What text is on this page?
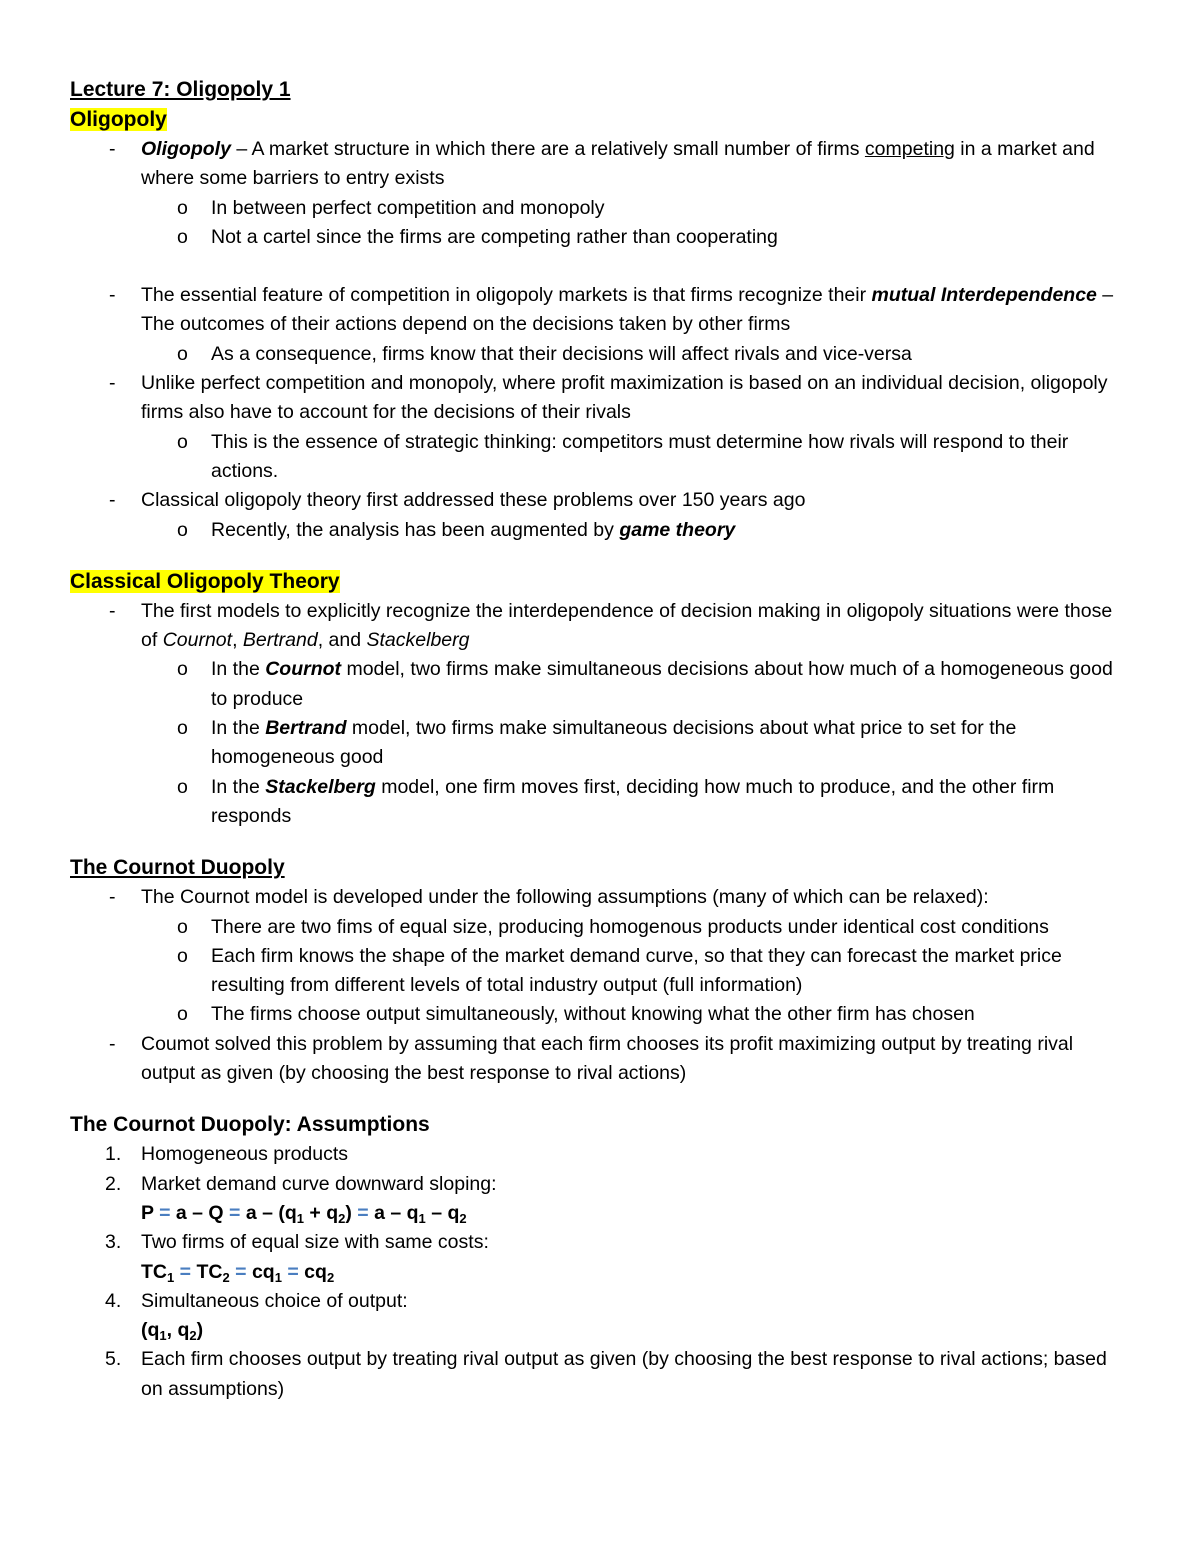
Lecture 7: Oligopoly 1
Oligopoly
- Oligopoly – A market structure in which there are a relatively small number of firms competing in a market and where some barriers to entry exists
o In between perfect competition and monopoly
o Not a cartel since the firms are competing rather than cooperating
- The essential feature of competition in oligopoly markets is that firms recognize their mutual Interdependence – The outcomes of their actions depend on the decisions taken by other firms
o As a consequence, firms know that their decisions will affect rivals and vice-versa
- Unlike perfect competition and monopoly, where profit maximization is based on an individual decision, oligopoly firms also have to account for the decisions of their rivals
o This is the essence of strategic thinking: competitors must determine how rivals will respond to their actions.
- Classical oligopoly theory first addressed these problems over 150 years ago
o Recently, the analysis has been augmented by game theory
Classical Oligopoly Theory
- The first models to explicitly recognize the interdependence of decision making in oligopoly situations were those of Cournot, Bertrand, and Stackelberg
o In the Cournot model, two firms make simultaneous decisions about how much of a homogeneous good to produce
o In the Bertrand model, two firms make simultaneous decisions about what price to set for the homogeneous good
o In the Stackelberg model, one firm moves first, deciding how much to produce, and the other firm responds
The Cournot Duopoly
- The Cournot model is developed under the following assumptions (many of which can be relaxed):
o There are two fims of equal size, producing homogenous products under identical cost conditions
o Each firm knows the shape of the market demand curve, so that they can forecast the market price resulting from different levels of total industry output (full information)
o The firms choose output simultaneously, without knowing what the other firm has chosen
- Coumot solved this problem by assuming that each firm chooses its profit maximizing output by treating rival output as given (by choosing the best response to rival actions)
The Cournot Duopoly: Assumptions
1. Homogeneous products
2. Market demand curve downward sloping:
$P = a - Q = a - (q_1 + q_2) = a - q_1 - q_2$
3. Two firms of equal size with same costs:
$TC_1 = TC_2 = cq_1 = cq_2$
4. Simultaneous choice of output:
($q_1$, $q_2$)
5. Each firm chooses output by treating rival output as given (by choosing the best response to rival actions; based on assumptions)
